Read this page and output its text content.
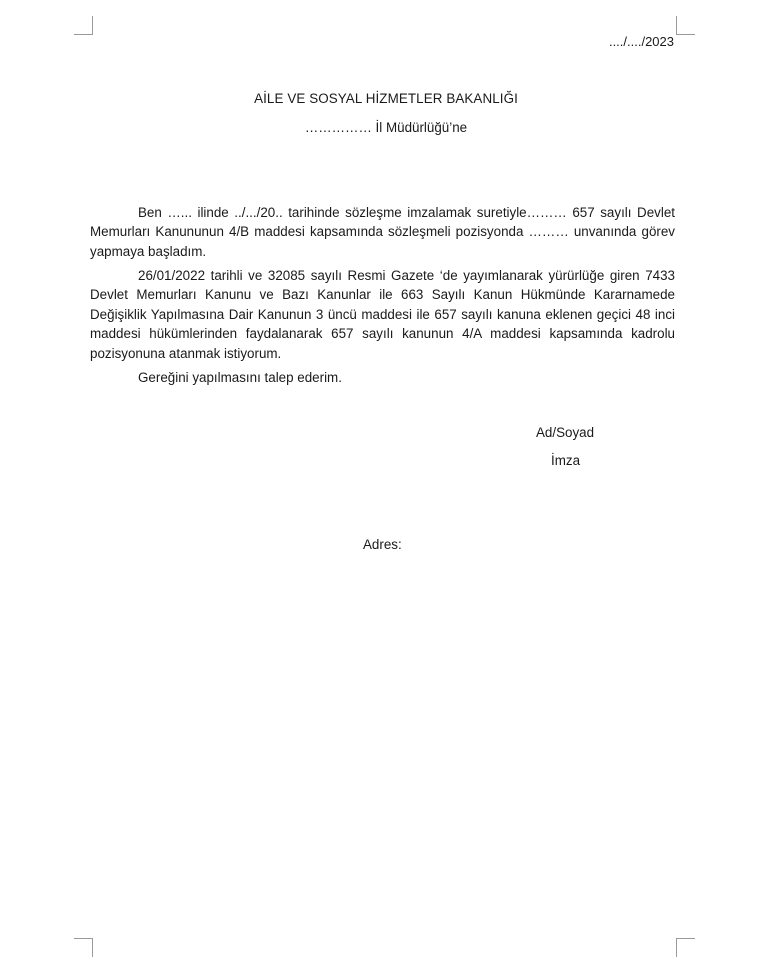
..../..../2023
AİLE VE SOSYAL HİZMETLER BAKANLIĞI
…………… İl Müdürlüğü’ne
Ben …... ilinde ../.../20.. tarihinde sözleşme imzalamak suretiyle……… 657 sayılı Devlet Memurları Kanununun 4/B maddesi kapsamında sözleşmeli pozisyonda ……… unvanında görev yapmaya başladım.
26/01/2022 tarihli ve 32085 sayılı Resmi Gazete ‘de yayımlanarak yürürlüğe giren 7433 Devlet Memurları Kanunu ve Bazı Kanunlar ile 663 Sayılı Kanun Hükmünde Kararnamede Değişiklik Yapılmasına Dair Kanunun 3 üncü maddesi ile 657 sayılı kanuna eklenen geçici 48 inci maddesi hükümlerinden faydalanarak 657 sayılı kanunun 4/A maddesi kapsamında kadrolu pozisyonuna atanmak istiyorum.
Gereğini yapılmasını talep ederim.
Ad/Soyad
İmza
Adres:
